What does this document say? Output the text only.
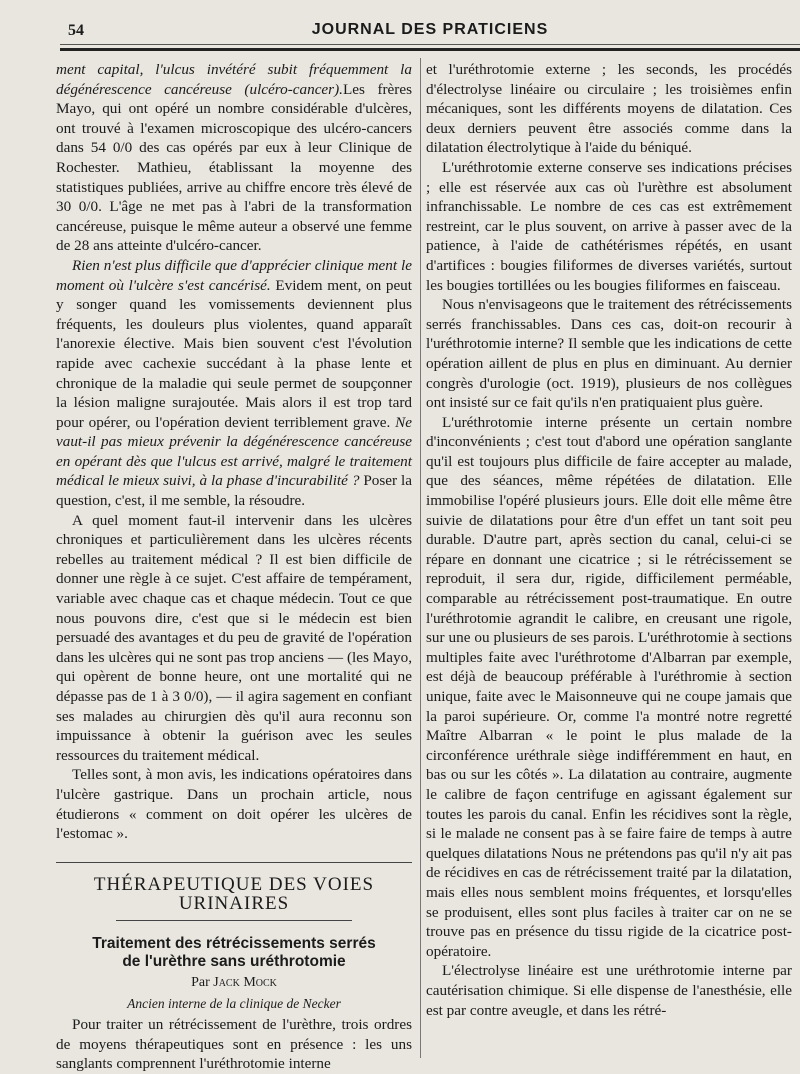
54	JOURNAL DES PRATICIENS

ment capital, l'ulcus invétéré subit fréquemment la dégénérescence cancéreuse (ulcéro-cancer).Les frères Mayo, qui ont opéré un nombre considérable d'ulcères, ont trouvé à l'examen microscopique des ulcéro-cancers dans 54 0/0 des cas opérés par eux à leur Clinique de Rochester. Mathieu, établissant la moyenne des statistiques publiées, arrive au chiffre encore très élevé de 30 0/0. L'âge ne met pas à l'abri de la transformation cancéreuse, puisque le même auteur a observé une femme de 28 ans atteinte d'ulcéro-cancer.

Rien n'est plus difficile que d'apprécier clinique ment le moment où l'ulcère s'est cancérisé. Evidem ment, on peut y songer quand les vomissements deviennent plus fréquents, les douleurs plus violentes, quand apparaît l'anorexie élective. Mais bien souvent c'est l'évolution rapide avec cachexie succédant à la phase lente et chronique de la maladie qui seule permet de soupçonner la lésion maligne surajoutée. Mais alors il est trop tard pour opérer, ou l'opération devient terriblement grave. Ne vaut-il pas mieux prévenir la dégénérescence cancéreuse en opérant dès que l'ulcus est arrivé, malgré le traitement médical le mieux suivi, à la phase d'incurabilité ? Poser la question, c'est, il me semble, la résoudre.

A quel moment faut-il intervenir dans les ulcères chroniques et particulièrement dans les ulcères récents rebelles au traitement médical ? Il est bien difficile de donner une règle à ce sujet. C'est affaire de tempérament, variable avec chaque cas et chaque médecin. Tout ce que nous pouvons dire, c'est que si le médecin est bien persuadé des avantages et du peu de gravité de l'opération dans les ulcères qui ne sont pas trop anciens — (les Mayo, qui opèrent de bonne heure, ont une mortalité qui ne dépasse pas de 1 à 3 0/0), — il agira sagement en confiant ses malades au chirurgien dès qu'il aura reconnu son impuissance à obtenir la guérison avec les seules ressources du traitement médical.

Telles sont, à mon avis, les indications opératoires dans l'ulcère gastrique. Dans un prochain article, nous étudierons « comment on doit opérer les ulcères de l'estomac ».

THÉRAPEUTIQUE DES VOIES URINAIRES
Traitement des rétrécissements serrés
de l'urèthre sans uréthrotomie
Par Jack Mock
Ancien interne de la clinique de Necker

Pour traiter un rétrécissement de l'urèthre, trois ordres de moyens thérapeutiques sont en présence : les uns sanglants comprennent l'uréthrotomie interne

et l'uréthrotomie externe ; les seconds, les procédés d'électrolyse linéaire ou circulaire ; les troisièmes enfin mécaniques, sont les différents moyens de dilatation. Ces deux derniers peuvent être associés comme dans la dilatation électrolytique à l'aide du béniqué.

L'uréthrotomie externe conserve ses indications précises ; elle est réservée aux cas où l'urèthre est absolument infranchissable. Le nombre de ces cas est extrêmement restreint, car le plus souvent, on arrive à passer avec de la patience, à l'aide de cathétérismes répétés, en usant d'artifices : bougies filiformes de diverses variétés, surtout les bougies tortillées ou les bougies filiformes en faisceau.

Nous n'envisageons que le traitement des rétrécissements serrés franchissables. Dans ces cas, doit-on recourir à l'uréthrotomie interne? Il semble que les indications de cette opération aillent de plus en plus en diminuant. Au dernier congrès d'urologie (oct. 1919), plusieurs de nos collègues ont insisté sur ce fait qu'ils n'en pratiquaient plus guère.

L'uréthrotomie interne présente un certain nombre d'inconvénients ; c'est tout d'abord une opération sanglante qu'il est toujours plus difficile de faire accepter au malade, que des séances, même répétées de dilatation. Elle immobilise l'opéré plusieurs jours. Elle doit elle même être suivie de dilatations pour être d'un effet un tant soit peu durable. D'autre part, après section du canal, celui-ci se répare en donnant une cicatrice ; si le rétrécissement se reproduit, il sera dur, rigide, difficilement perméable, comparable au rétrécissement post-traumatique. En outre l'uréthrotomie agrandit le calibre, en creusant une rigole, sur une ou plusieurs de ses parois. L'uréthrotomie à sections multiples faite avec l'uréthrotome d'Albarran par exemple, est déjà de beaucoup préférable à l'uréthromie à section unique, faite avec le Maisonneuve qui ne coupe jamais que la paroi supérieure. Or, comme l'a montré notre regretté Maître Albarran « le point le plus malade de la circonférence uréthrale siège indifféremment en haut, en bas ou sur les côtés ». La dilatation au contraire, augmente le calibre de façon centrifuge en agissant également sur toutes les parois du canal. Enfin les récidives sont la règle, si le malade ne consent pas à se faire faire de temps à autre quelques dilatations Nous ne prétendons pas qu'il n'y ait pas de récidives en cas de rétrécissement traité par la dilatation, mais elles nous semblent moins fréquentes, et lorsqu'elles se produisent, elles sont plus faciles à traiter car on ne se trouve pas en présence du tissu rigide de la cicatrice post-opératoire.

L'électrolyse linéaire est une uréthrotomie interne par cautérisation chimique. Si elle dispense de l'anesthésie, elle est par contre aveugle, et dans les rétré-
